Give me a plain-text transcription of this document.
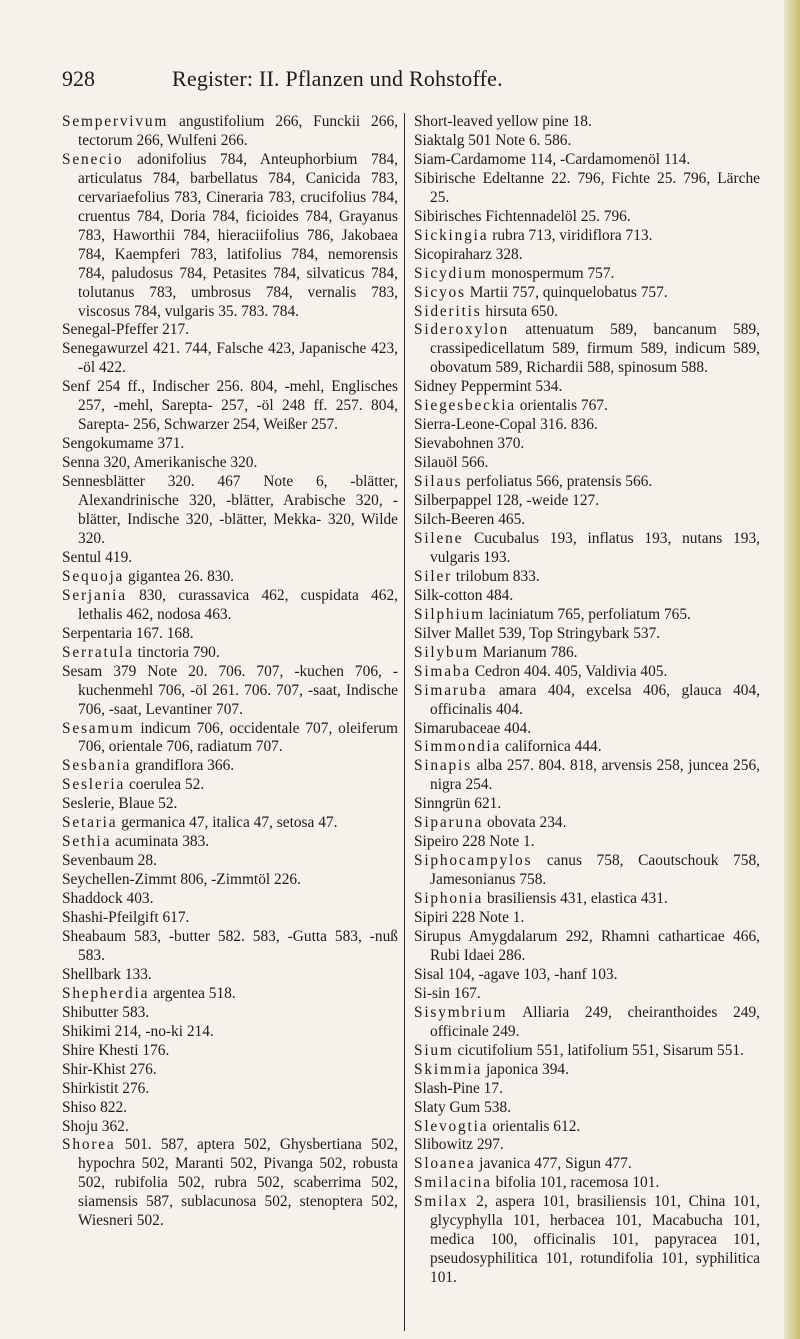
928	Register: II. Pflanzen und Rohstoffe.

Sempervivum angustifolium 266, Funckii 266, tectorum 266, Wulfeni 266.

Senecio adonifolius 784, Anteuphorbium 784, articulatus 784, barbellatus 784, Canicida 783, cervariaefolius 783, Cineraria 783, crucifolius 784, cruentus 784, Doria 784, ficioides 784, Grayanus 783, Haworthii 784, hieraciifolius 786, Jakobaea 784, Kaempferi 783, latifolius 784, nemorensis 784, paludosus 784, Petasites 784, silvaticus 784, tolutanus 783, umbrosus 784, vernalis 783, viscosus 784, vulgaris 35. 783. 784.

Senegal-Pfeffer 217.

Senegawurzel 421. 744, Falsche 423, Japanische 423, -öl 422.

Senf 254 ff., Indischer 256. 804, -mehl, Englisches 257, -mehl, Sarepta- 257, -öl 248 ff. 257. 804, Sarepta- 256, Schwarzer 254, Weißer 257.

Sengokumame 371.

Senna 320, Amerikanische 320.

Sennesblätter 320. 467 Note 6, -blätter, Alexandrinische 320, -blätter, Arabische 320, -blätter, Indische 320, -blätter, Mekka- 320, Wilde 320.

Sentul 419.

Sequoja gigantea 26. 830.

Serjania 830, curassavica 462, cuspidata 462, lethalis 462, nodosa 463.

Serpentaria 167. 168.

Serratula tinctoria 790.

Sesam 379 Note 20. 706. 707, -kuchen 706, -kuchenmehl 706, -öl 261. 706. 707, -saat, Indische 706, -saat, Levantiner 707.

Sesamum indicum 706, occidentale 707, oleiferum 706, orientale 706, radiatum 707.

Sesbania grandiflora 366.

Sesleria coerulea 52.

Seslerie, Blaue 52.

Setaria germanica 47, italica 47, setosa 47.

Sethia acuminata 383.

Sevenbaum 28.

Seychellen-Zimmt 806, -Zimmtöl 226.

Shaddock 403.

Shashi-Pfeilgift 617.

Sheabaum 583, -butter 582. 583, -Gutta 583, -nuß 583.

Shellbark 133.

Shepherdia argentea 518.

Shibutter 583.

Shikimi 214, -no-ki 214.

Shire Khesti 176.

Shir-Khist 276.

Shirkistit 276.

Shiso 822.

Shoju 362.

Shorea 501. 587, aptera 502, Ghysbertiana 502, hypochra 502, Maranti 502, Pivanga 502, robusta 502, rubifolia 502, rubra 502, scaberrima 502, siamensis 587, sublacunosa 502, stenoptera 502, Wiesneri 502.

Short-leaved yellow pine 18.

Siaktalg 501 Note 6. 586.

Siam-Cardamome 114, -Cardamomenöl 114.

Sibirische Edeltanne 22. 796, Fichte 25. 796, Lärche 25.

Sibirisches Fichtennadelöl 25. 796.

Sickingia rubra 713, viridiflora 713.

Sicopiraharz 328.

Sicydium monospermum 757.

Sicyos Martii 757, quinquelobatus 757.

Sideritis hirsuta 650.

Sideroxylon attenuatum 589, bancanum 589, crassipedicellatum 589, firmum 589, indicum 589, obovatum 589, Richardii 588, spinosum 588.

Sidney Peppermint 534.

Siegesbeckia orientalis 767.

Sierra-Leone-Copal 316. 836.

Sievabohnen 370.

Silauöl 566.

Silaus perfoliatus 566, pratensis 566.

Silberpappel 128, -weide 127.

Silch-Beeren 465.

Silene Cucubalus 193, inflatus 193, nutans 193, vulgaris 193.

Siler trilobum 833.

Silk-cotton 484.

Silphium laciniatum 765, perfoliatum 765.

Silver Mallet 539, Top Stringybark 537.

Silybum Marianum 786.

Simaba Cedron 404. 405, Valdivia 405.

Simaruba amara 404, excelsa 406, glauca 404, officinalis 404.

Simarubaceae 404.

Simmondia californica 444.

Sinapis alba 257. 804. 818, arvensis 258, juncea 256, nigra 254.

Sinngrün 621.

Siparuna obovata 234.

Sipeiro 228 Note 1.

Siphocampylos canus 758, Caoutschouk 758, Jamesonianus 758.

Siphonia brasiliensis 431, elastica 431.

Sipiri 228 Note 1.

Sirupus Amygdalarum 292, Rhamni catharticae 466, Rubi Idaei 286.

Sisal 104, -agave 103, -hanf 103.

Si-sin 167.

Sisymbrium Alliaria 249, cheiranthoides 249, officinale 249.

Sium cicutifolium 551, latifolium 551, Sisarum 551.

Skimmia japonica 394.

Slash-Pine 17.

Slaty Gum 538.

Slevogtia orientalis 612.

Slibowitz 297.

Sloanea javanica 477, Sigun 477.

Smilacina bifolia 101, racemosa 101.

Smilax 2, aspera 101, brasiliensis 101, China 101, glycyphylla 101, herbacea 101, Macabucha 101, medica 100, officinalis 101, papyracea 101, pseudosyphilitica 101, rotundifolia 101, syphilitica 101.
